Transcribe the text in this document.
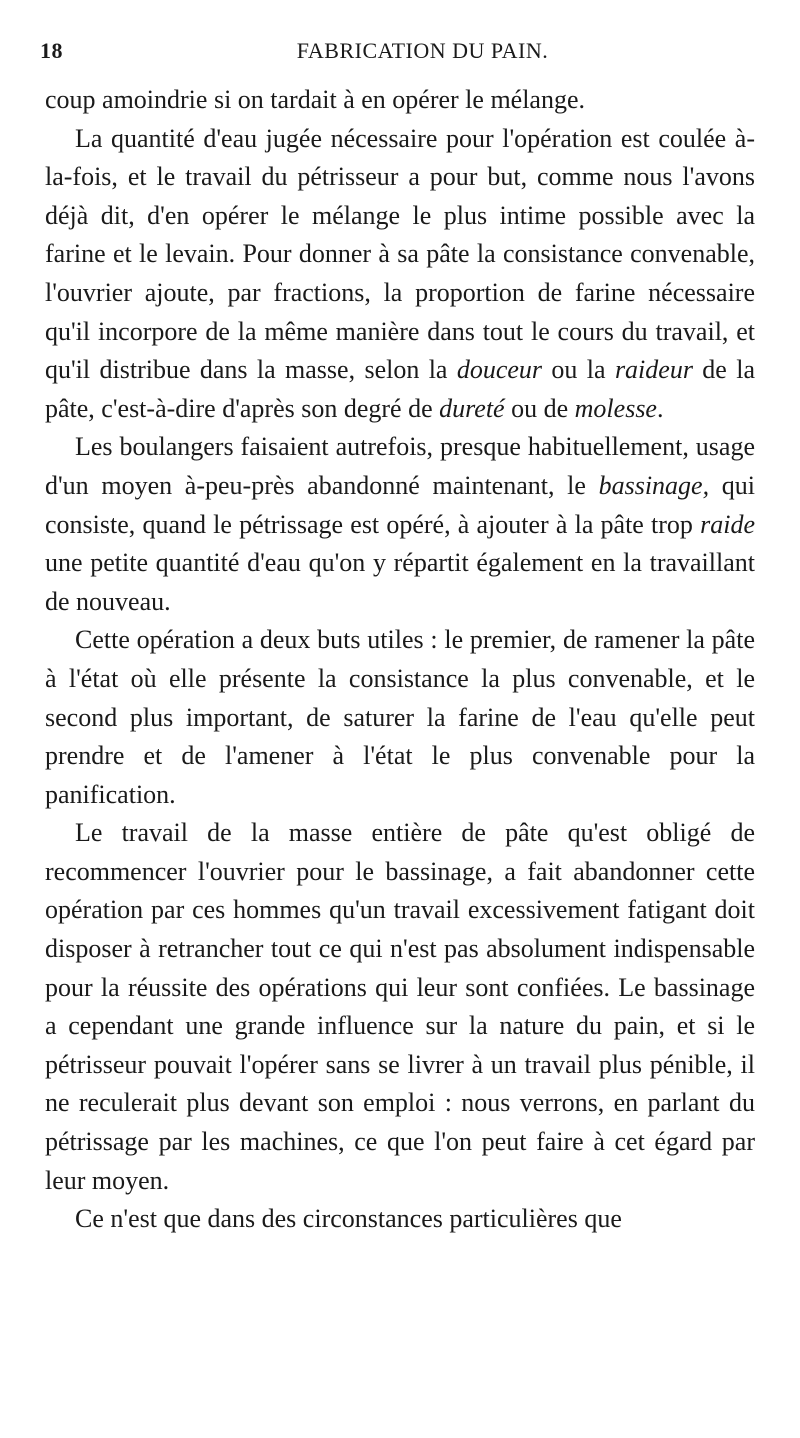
18	FABRICATION DU PAIN.

coup amoindrie si on tardait à en opérer le mélange.

La quantité d'eau jugée nécessaire pour l'opération est coulée à-la-fois, et le travail du pétrisseur a pour but, comme nous l'avons déjà dit, d'en opérer le mélange le plus intime possible avec la farine et le levain. Pour donner à sa pâte la consistance convenable, l'ouvrier ajoute, par fractions, la proportion de farine nécessaire qu'il incorpore de la même manière dans tout le cours du travail, et qu'il distribue dans la masse, selon la douceur ou la raideur de la pâte, c'est-à-dire d'après son degré de dureté ou de molesse.

Les boulangers faisaient autrefois, presque habituellement, usage d'un moyen à-peu-près abandonné maintenant, le bassinage, qui consiste, quand le pétrissage est opéré, à ajouter à la pâte trop raide une petite quantité d'eau qu'on y répartit également en la travaillant de nouveau.

Cette opération a deux buts utiles : le premier, de ramener la pâte à l'état où elle présente la consistance la plus convenable, et le second plus important, de saturer la farine de l'eau qu'elle peut prendre et de l'amener à l'état le plus convenable pour la panification.

Le travail de la masse entière de pâte qu'est obligé de recommencer l'ouvrier pour le bassinage, a fait abandonner cette opération par ces hommes qu'un travail excessivement fatigant doit disposer à retrancher tout ce qui n'est pas absolument indispensable pour la réussite des opérations qui leur sont confiées. Le bassinage a cependant une grande influence sur la nature du pain, et si le pétrisseur pouvait l'opérer sans se livrer à un travail plus pénible, il ne reculerait plus devant son emploi : nous verrons, en parlant du pétrissage par les machines, ce que l'on peut faire à cet égard par leur moyen.

Ce n'est que dans des circonstances particulières que
